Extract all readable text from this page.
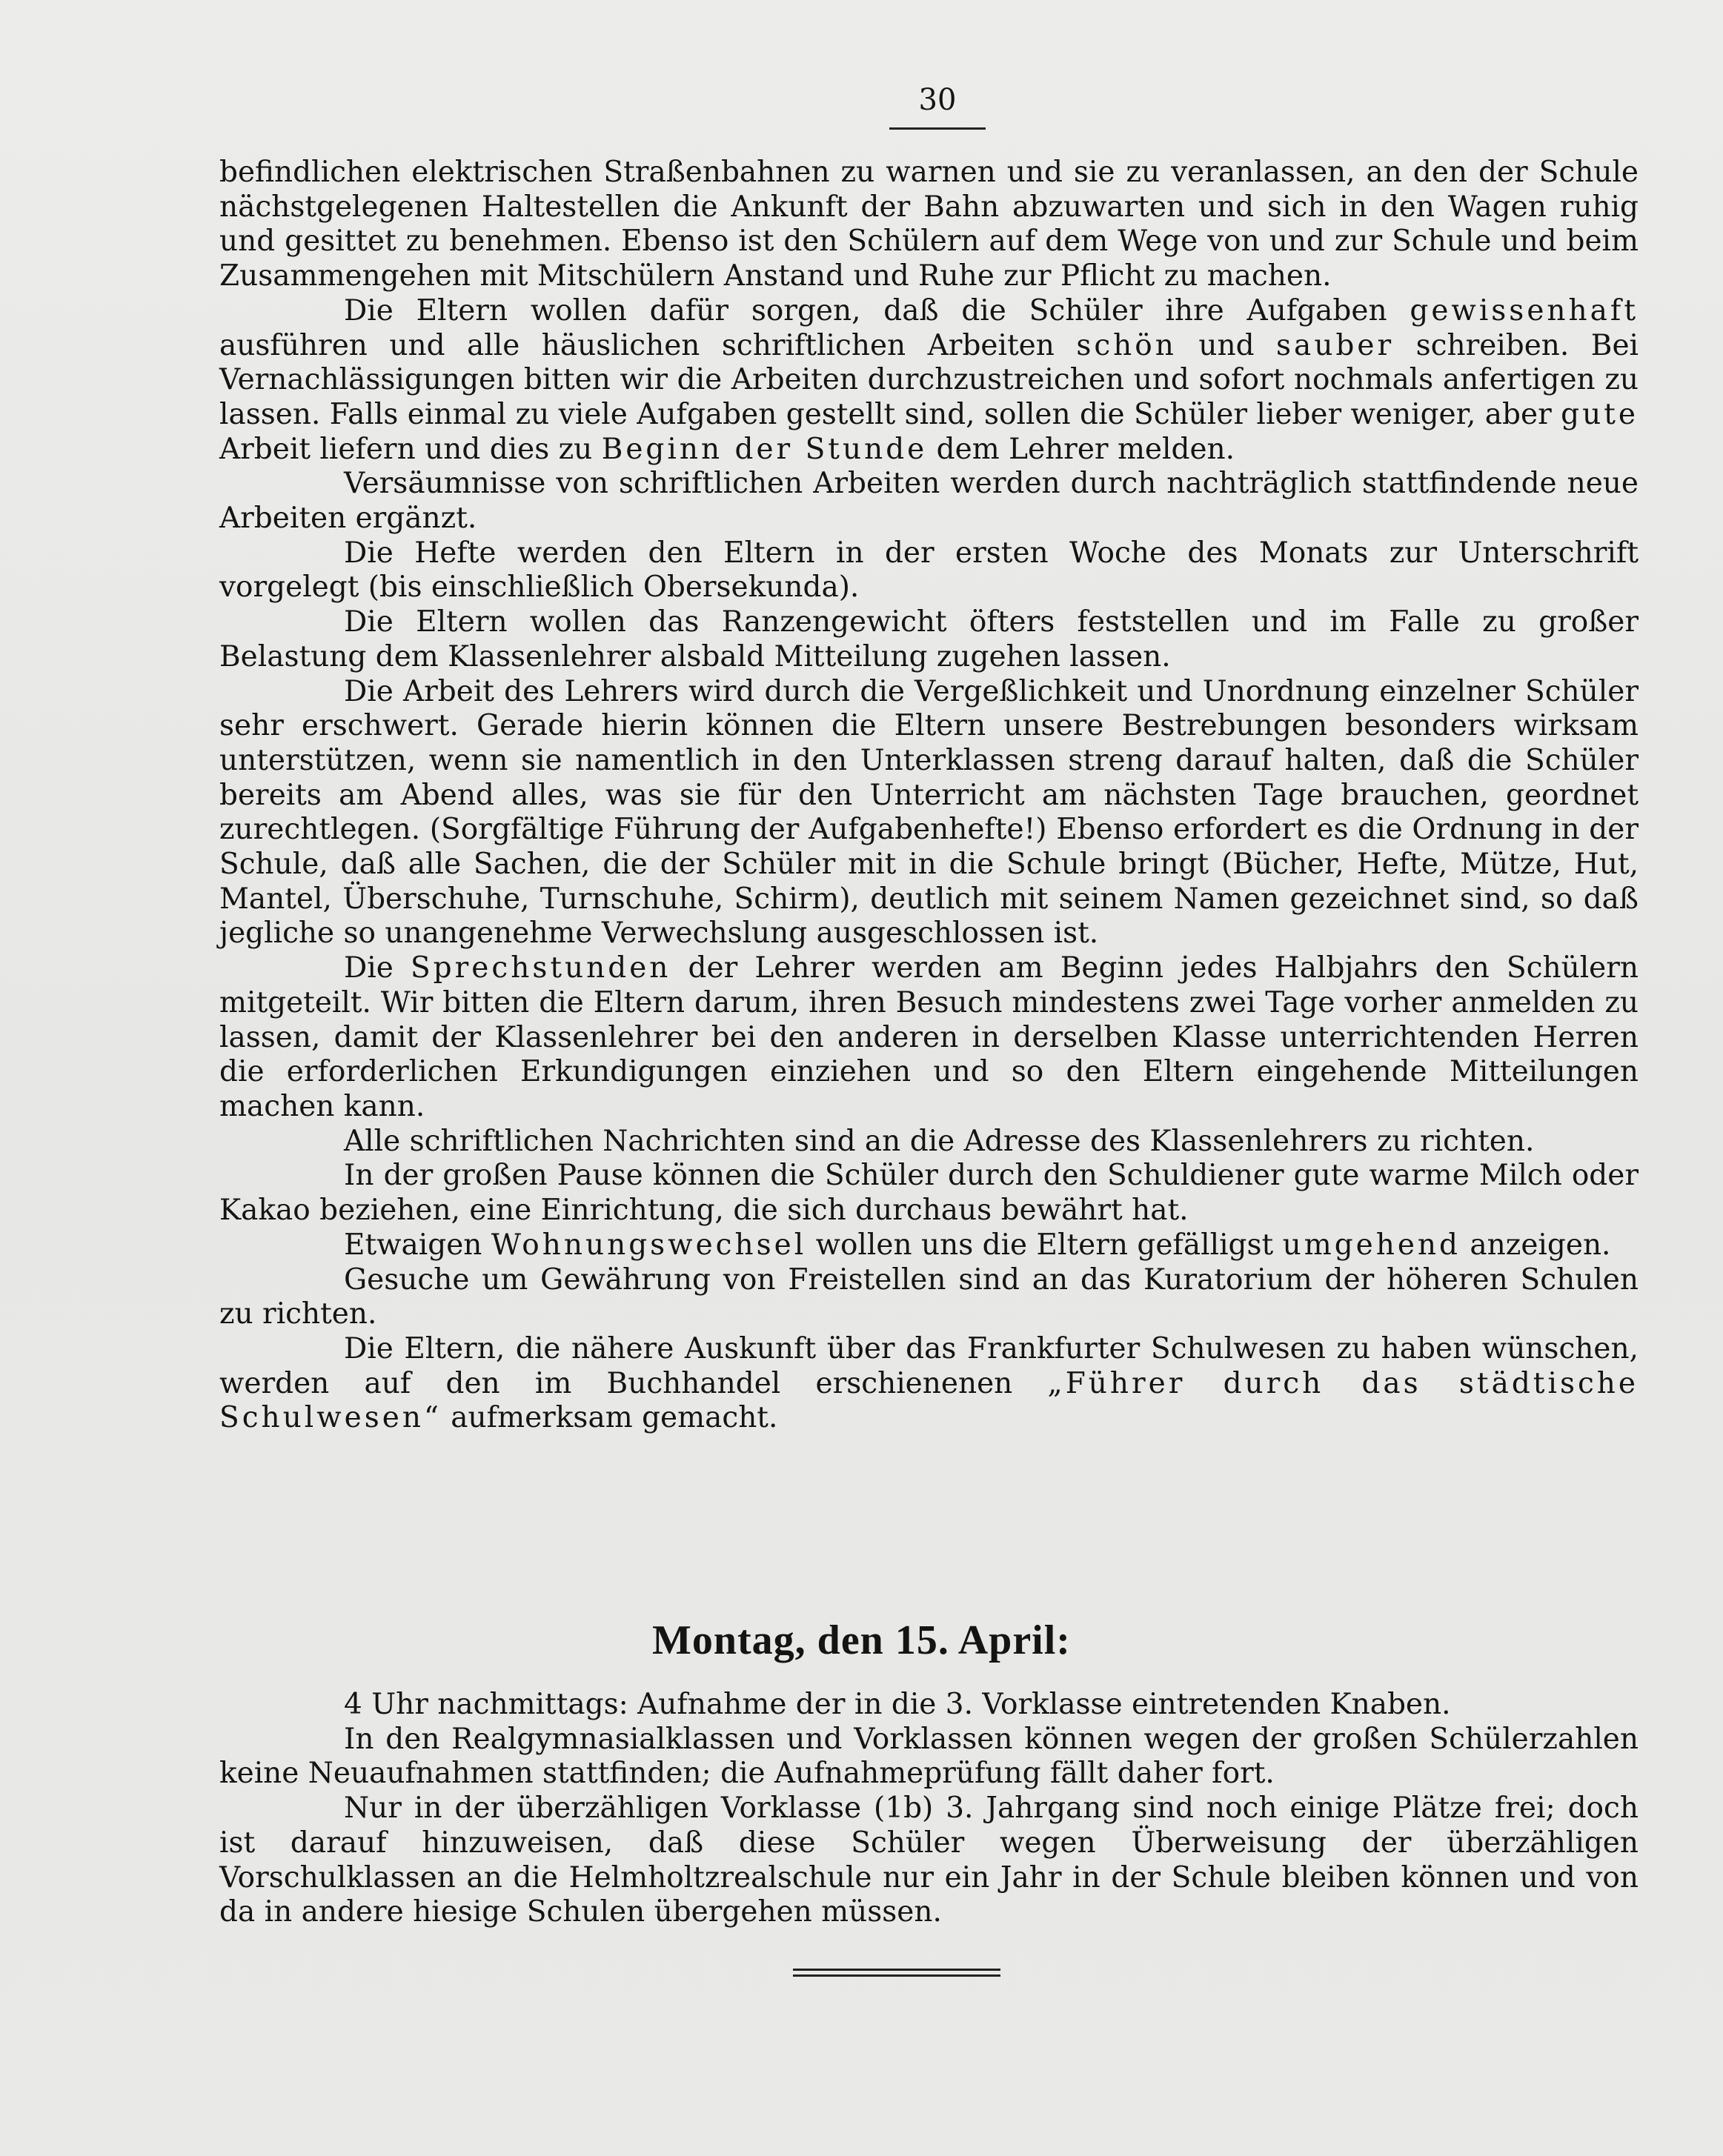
30

befindlichen elektrischen Straßenbahnen zu warnen und sie zu veranlassen, an den der Schule nächstgelegenen Haltestellen die Ankunft der Bahn abzuwarten und sich in den Wagen ruhig und gesittet zu benehmen. Ebenso ist den Schülern auf dem Wege von und zur Schule und beim Zusammengehen mit Mitschülern Anstand und Ruhe zur Pflicht zu machen.

Die Eltern wollen dafür sorgen, daß die Schüler ihre Aufgaben gewissenhaft ausführen und alle häuslichen schriftlichen Arbeiten schön und sauber schreiben. Bei Vernachlässigungen bitten wir die Arbeiten durchzustreichen und sofort nochmals anfertigen zu lassen. Falls einmal zu viele Aufgaben gestellt sind, sollen die Schüler lieber weniger, aber gute Arbeit liefern und dies zu Beginn der Stunde dem Lehrer melden.

Versäumnisse von schriftlichen Arbeiten werden durch nachträglich stattfindende neue Arbeiten ergänzt.

Die Hefte werden den Eltern in der ersten Woche des Monats zur Unterschrift vorgelegt (bis einschließlich Obersekunda).

Die Eltern wollen das Ranzengewicht öfters feststellen und im Falle zu großer Belastung dem Klassenlehrer alsbald Mitteilung zugehen lassen.

Die Arbeit des Lehrers wird durch die Vergeßlichkeit und Unordnung einzelner Schüler sehr erschwert. Gerade hierin können die Eltern unsere Bestrebungen besonders wirksam unterstützen, wenn sie namentlich in den Unterklassen streng darauf halten, daß die Schüler bereits am Abend alles, was sie für den Unterricht am nächsten Tage brauchen, geordnet zurechtlegen. (Sorgfältige Führung der Aufgabenhefte!) Ebenso erfordert es die Ordnung in der Schule, daß alle Sachen, die der Schüler mit in die Schule bringt (Bücher, Hefte, Mütze, Hut, Mantel, Überschuhe, Turnschuhe, Schirm), deutlich mit seinem Namen gezeichnet sind, so daß jegliche so unangenehme Verwechslung ausgeschlossen ist.

Die Sprechstunden der Lehrer werden am Beginn jedes Halbjahrs den Schülern mitgeteilt. Wir bitten die Eltern darum, ihren Besuch mindestens zwei Tage vorher anmelden zu lassen, damit der Klassenlehrer bei den anderen in derselben Klasse unterrichtenden Herren die erforderlichen Erkundigungen einziehen und so den Eltern eingehende Mitteilungen machen kann.

Alle schriftlichen Nachrichten sind an die Adresse des Klassenlehrers zu richten.

In der großen Pause können die Schüler durch den Schuldiener gute warme Milch oder Kakao beziehen, eine Einrichtung, die sich durchaus bewährt hat.

Etwaigen Wohnungswechsel wollen uns die Eltern gefälligst umgehend anzeigen.

Gesuche um Gewährung von Freistellen sind an das Kuratorium der höheren Schulen zu richten.

Die Eltern, die nähere Auskunft über das Frankfurter Schulwesen zu haben wünschen, werden auf den im Buchhandel erschienenen „Führer durch das städtische Schulwesen“ aufmerksam gemacht.

Montag, den 15. April:

4 Uhr nachmittags: Aufnahme der in die 3. Vorklasse eintretenden Knaben.

In den Realgymnasialklassen und Vorklassen können wegen der großen Schülerzahlen keine Neuaufnahmen stattfinden; die Aufnahmeprüfung fällt daher fort.

Nur in der überzähligen Vorklasse (1b) 3. Jahrgang sind noch einige Plätze frei; doch ist darauf hinzuweisen, daß diese Schüler wegen Überweisung der überzähligen Vorschulklassen an die Helmholtzrealschule nur ein Jahr in der Schule bleiben können und von da in andere hiesige Schulen übergehen müssen.
